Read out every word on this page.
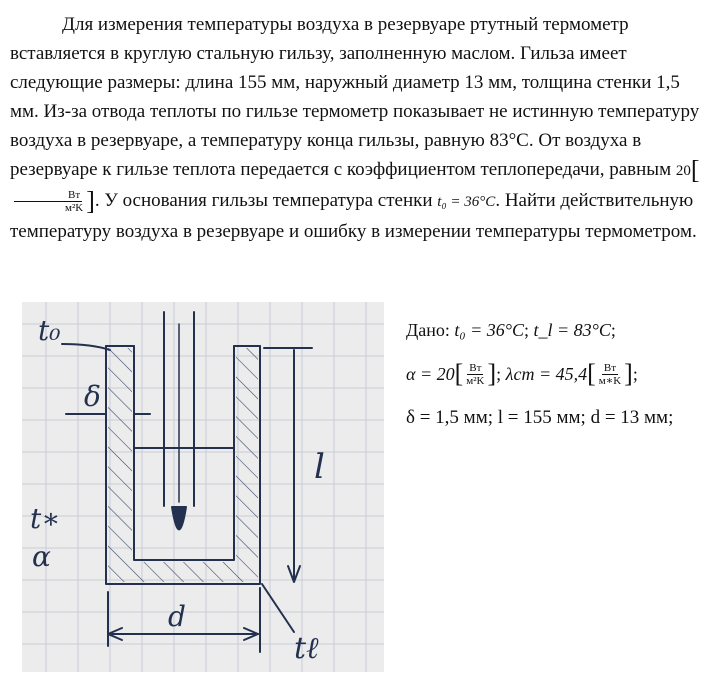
Для измерения температуры воздуха в резервуаре ртутный термометр вставляется в круглую стальную гильзу, заполненную маслом. Гильза имеет следующие размеры: длина 155 мм, наружный диаметр 13 мм, толщина стенки 1,5 мм. Из-за отвода теплоты по гильзе термометр показывает не истинную температуру воздуха в резервуаре, а температуру конца гильзы, равную 83°С. От воздуха в резервуаре к гильзе теплота передается с коэффициентом теплопередачи, равным 20[
$\frac{Вт}{\text{м²K}}$ ]. У основания гильзы температура стенки t₀ = 36°C. Найти действительную температуру воздуха в резервуаре и ошибку в измерении температуры термометром.
t₀
δ
l
t∗
α
d
tℓ
Дано:
t₀ = 36°C ;
t_l = 83°C ;
α = 20 [ $\frac{Вт}{\text{м²K}}$ ] ;
λст = 45,4 [ $\frac{Вт}{м∗K}$ ] ;
δ = 1,5 мм; l = 155 мм; d = 13 мм;
